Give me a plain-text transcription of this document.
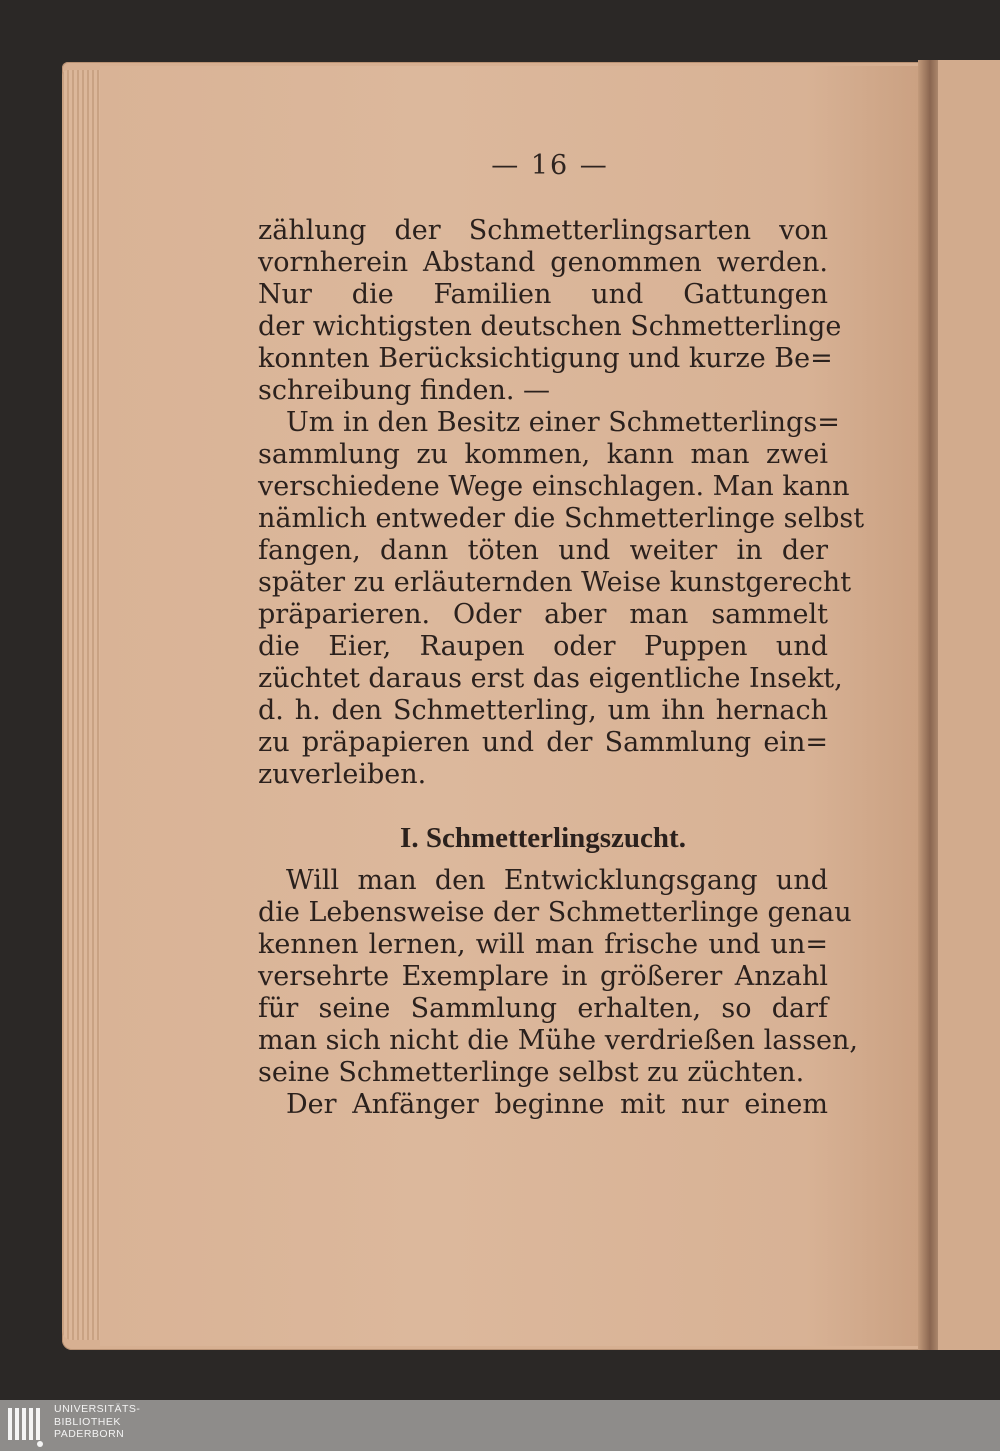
— 16 —
zählung der Schmetterlingsarten von
vornherein Abstand genommen werden.
Nur die Familien und Gattungen
der wichtigsten deutschen Schmetterlinge
konnten Berücksichtigung und kurze Be=
schreibung finden. —
Um in den Besitz einer Schmetterlings=
sammlung zu kommen, kann man zwei
verschiedene Wege einschlagen. Man kann
nämlich entweder die Schmetterlinge selbst
fangen, dann töten und weiter in der
später zu erläuternden Weise kunstgerecht
präparieren. Oder aber man sammelt
die Eier, Raupen oder Puppen und
züchtet daraus erst das eigentliche Insekt,
d. h. den Schmetterling, um ihn hernach
zu präpapieren und der Sammlung ein=
zuverleiben.
I. Schmetterlingszucht.
Will man den Entwicklungsgang und
die Lebensweise der Schmetterlinge genau
kennen lernen, will man frische und un=
versehrte Exemplare in größerer Anzahl
für seine Sammlung erhalten, so darf
man sich nicht die Mühe verdrießen lassen,
seine Schmetterlinge selbst zu züchten.
Der Anfänger beginne mit nur einem
UNIVERSITÄTS-
BIBLIOTHEK
PADERBORN
